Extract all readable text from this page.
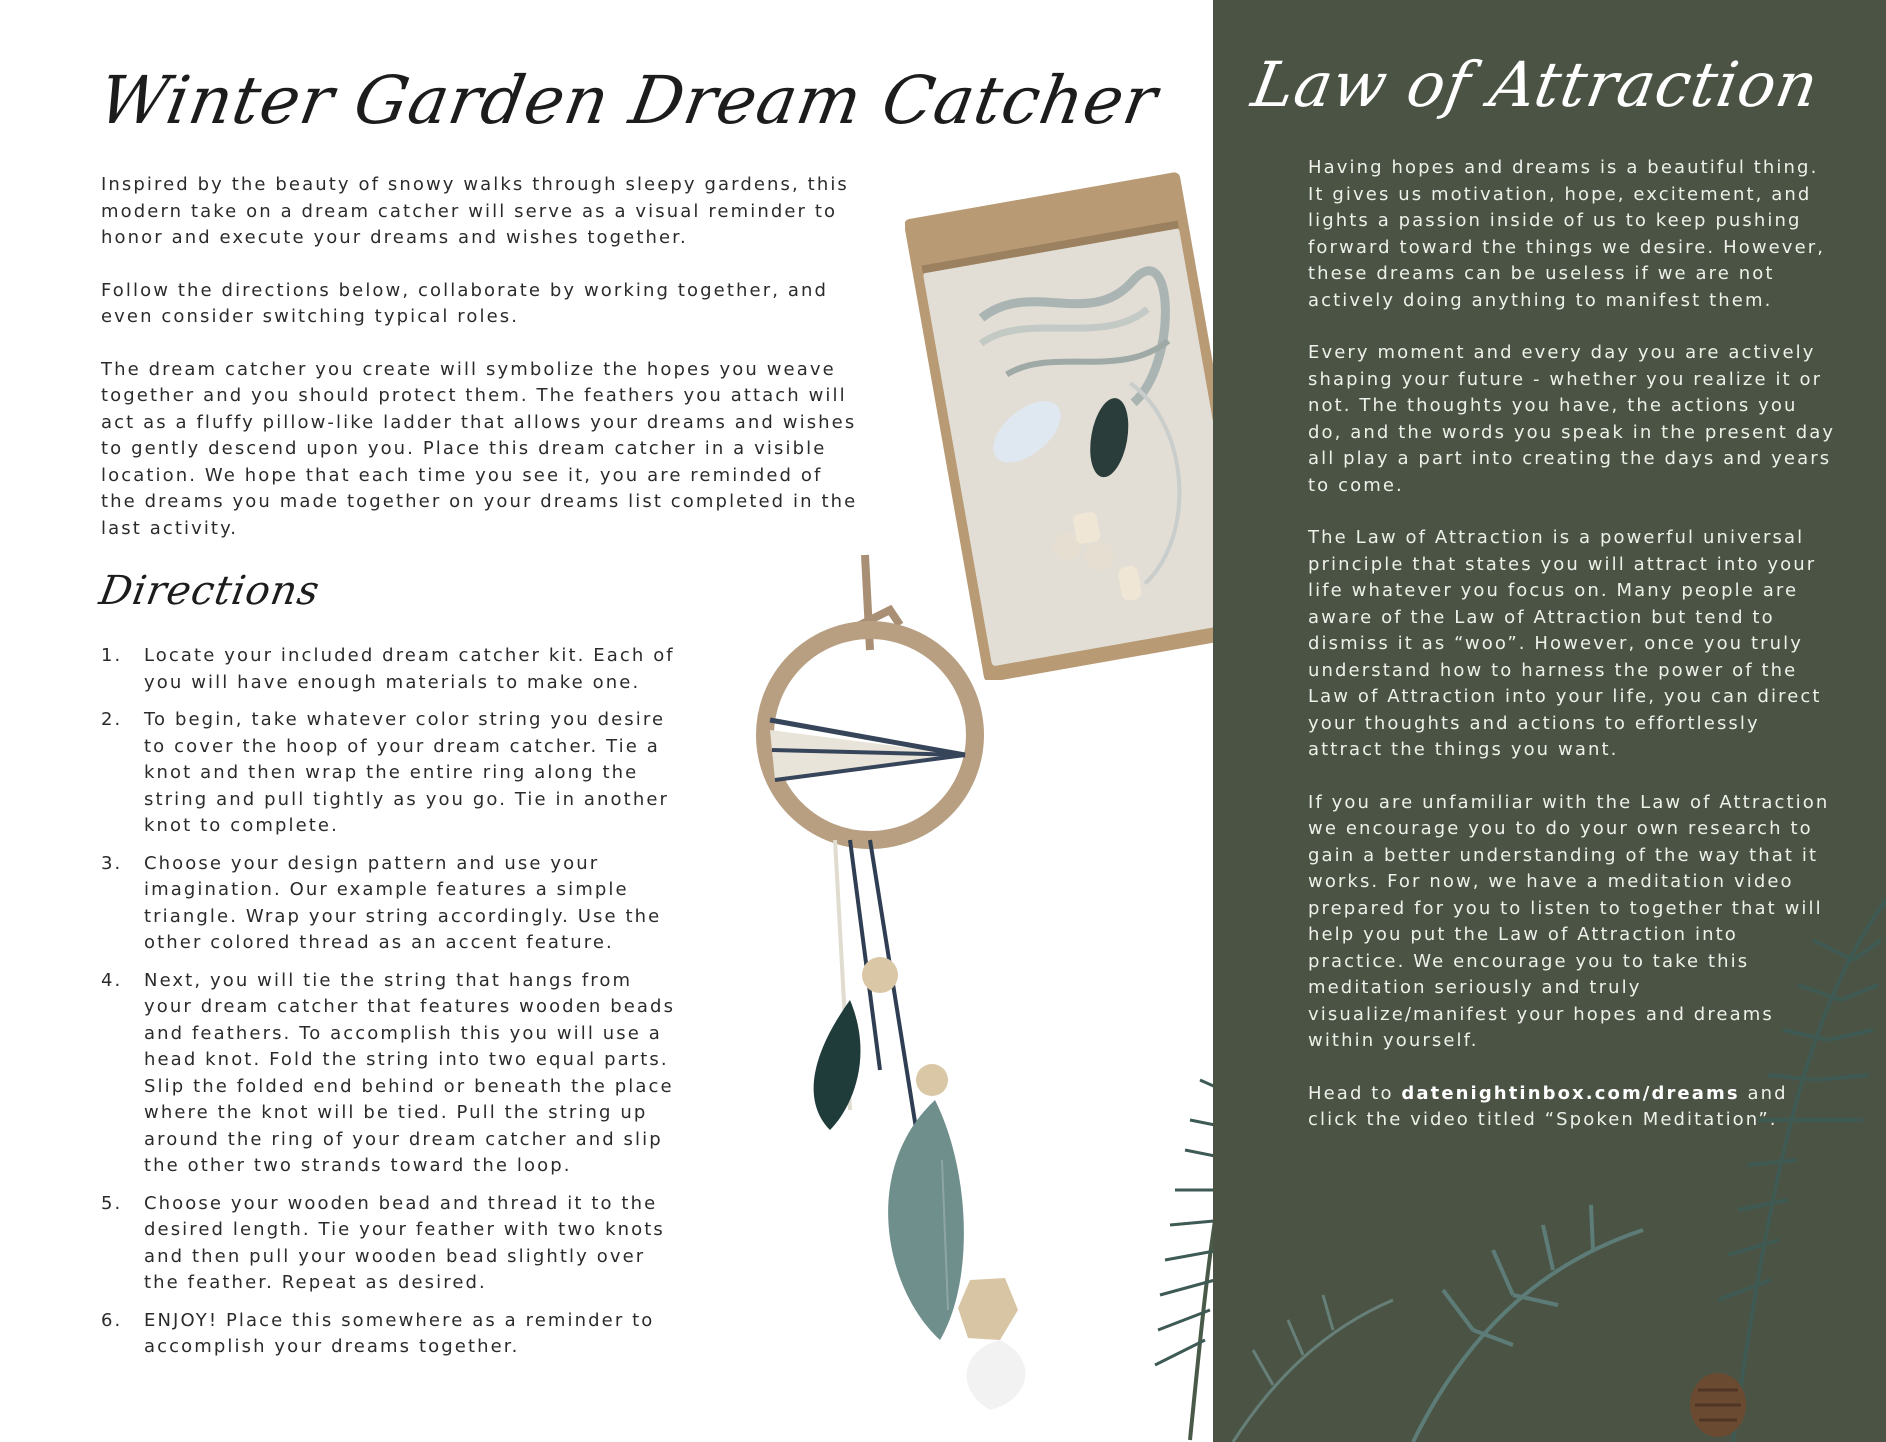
Winter Garden Dream Catcher

Inspired by the beauty of snowy walks through sleepy gardens, this modern take on a dream catcher will serve as a visual reminder to honor and execute your dreams and wishes together.

Follow the directions below, collaborate by working together, and even consider switching typical roles.

The dream catcher you create will symbolize the hopes you weave together and you should protect them. The feathers you attach will act as a fluffy pillow-like ladder that allows your dreams and wishes to gently descend upon you. Place this dream catcher in a visible location. We hope that each time you see it, you are reminded of the dreams you made together on your dreams list completed in the last activity.

Directions
1. Locate your included dream catcher kit. Each of you will have enough materials to make one.
2. To begin, take whatever color string you desire to cover the hoop of your dream catcher. Tie a knot and then wrap the entire ring along the string and pull tightly as you go. Tie in another knot to complete.
3. Choose your design pattern and use your imagination. Our example features a simple triangle. Wrap your string accordingly. Use the other colored thread as an accent feature.
4. Next, you will tie the string that hangs from your dream catcher that features wooden beads and feathers. To accomplish this you will use a head knot. Fold the string into two equal parts. Slip the folded end behind or beneath the place where the knot will be tied. Pull the string up around the ring of your dream catcher and slip the other two strands toward the loop.
5. Choose your wooden bead and thread it to the desired length. Tie your feather with two knots and then pull your wooden bead slightly over the feather. Repeat as desired.
6. ENJOY! Place this somewhere as a reminder to accomplish your dreams together.
Law of Attraction

Having hopes and dreams is a beautiful thing. It gives us motivation, hope, excitement, and lights a passion inside of us to keep pushing forward toward the things we desire. However, these dreams can be useless if we are not actively doing anything to manifest them.

Every moment and every day you are actively shaping your future - whether you realize it or not. The thoughts you have, the actions you do, and the words you speak in the present day all play a part into creating the days and years to come.

The Law of Attraction is a powerful universal principle that states you will attract into your life whatever you focus on. Many people are aware of the Law of Attraction but tend to dismiss it as “woo”. However, once you truly understand how to harness the power of the Law of Attraction into your life, you can direct your thoughts and actions to effortlessly attract the things you want.

If you are unfamiliar with the Law of Attraction we encourage you to do your own research to gain a better understanding of the way that it works. For now, we have a meditation video prepared for you to listen to together that will help you put the Law of Attraction into practice. We encourage you to take this meditation seriously and truly visualize/manifest your hopes and dreams within yourself.

Head to datenightinbox.com/dreams and click the video titled “Spoken Meditation”.
